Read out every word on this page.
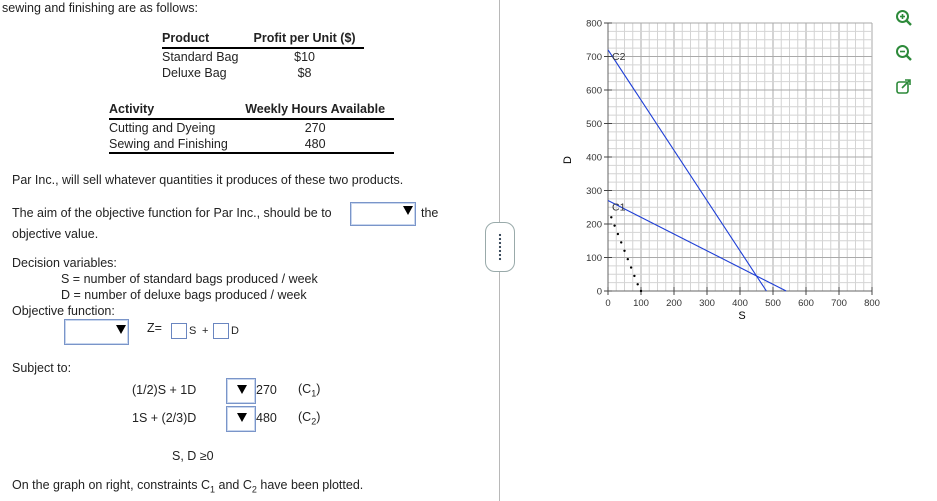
sewing and finishing are as follows:
Product	Profit per Unit ($)
Standard Bag	$10
Deluxe Bag	$8
Activity	Weekly Hours Available
Cutting and Dyeing	270
Sewing and Finishing	480
Par Inc., will sell whatever quantities it produces of these two products.
The aim of the objective function for Par Inc., should be to	the
objective value.
Decision variables:
S = number of standard bags produced / week
D = number of deluxe bags produced / week
Objective function:
Z= S + D
Subject to:
(1/2)S + 1D	270 $(C_1)$
1S + (2/3)D	480 $(C_2)$
S, D ≥0
On the graph on right, constraints $C_1$ and $C_2$ have been plotted.
0 100 200 300 400 500 600 700 800
0
100
200
300
400
500
600
700
800
C1
C2
S
D
